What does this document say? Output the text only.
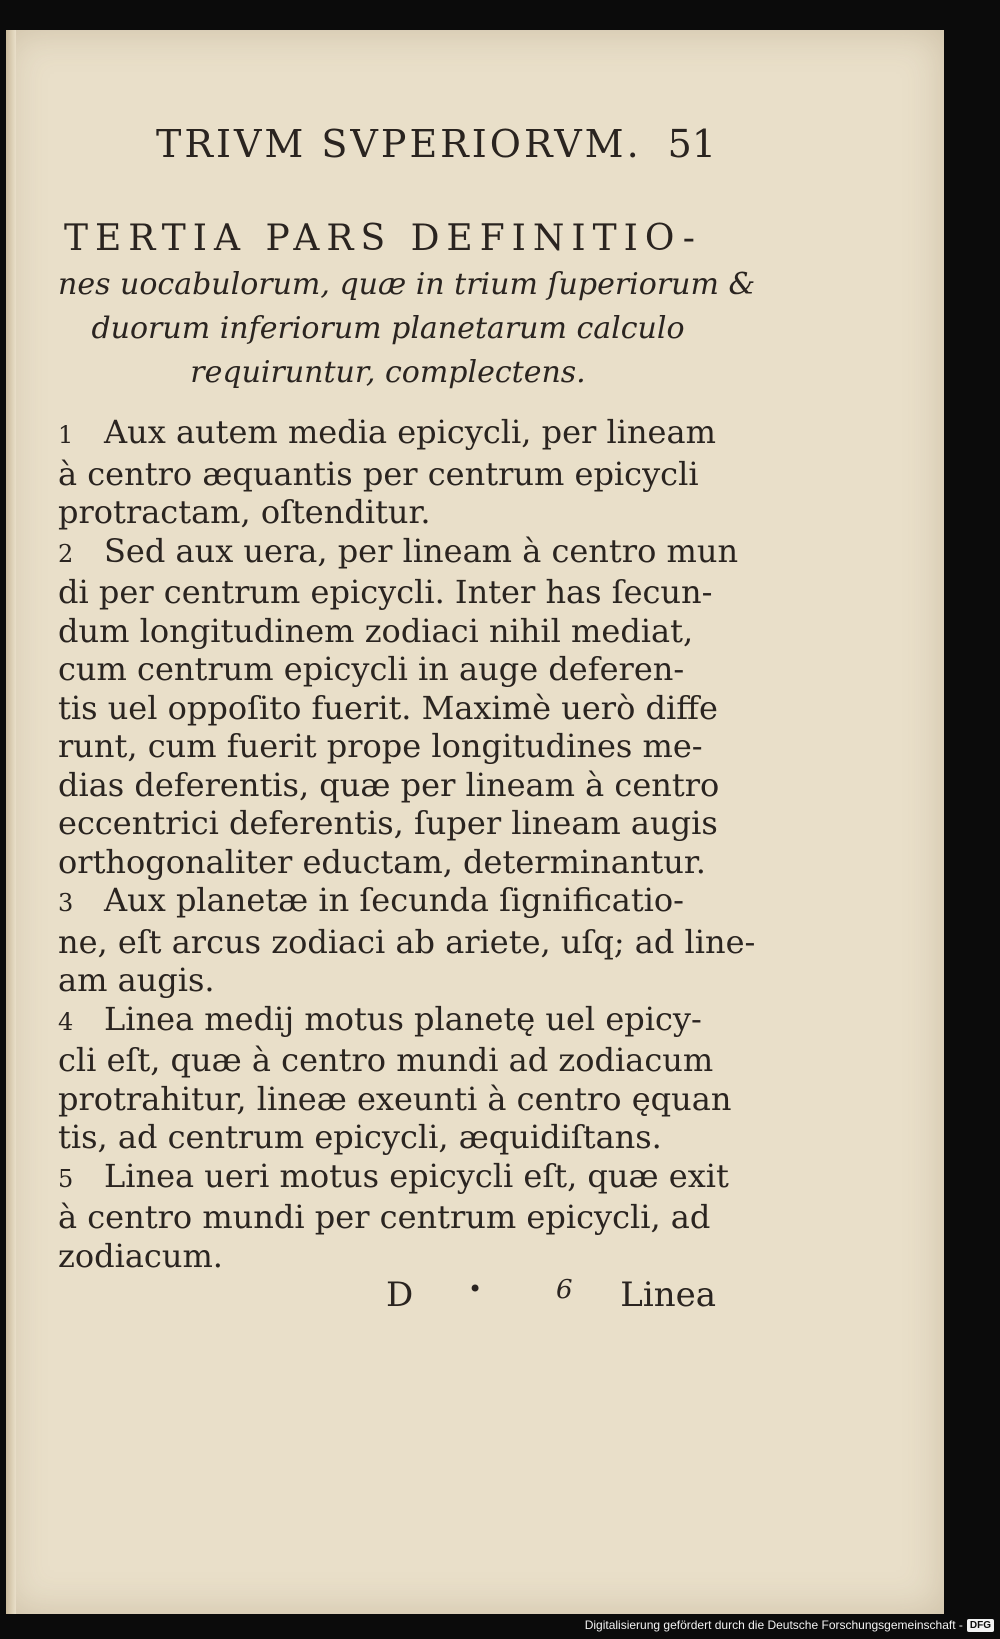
TRIVM SVPERIORVM. 51
TERTIA PARS DEFINITIO-
nes uocabulorum, quæ in trium ſuperiorum &
duorum inferiorum planetarum calculo
requiruntur, complectens.
1 Aux autem media epicycli, per lineam
à centro æquantis per centrum epicycli
protractam, oſtenditur.
2 Sed aux uera, per lineam à centro mun
di per centrum epicycli. Inter has ſecun-
dum longitudinem zodiaci nihil mediat,
cum centrum epicycli in auge deferen-
tis uel oppoſito fuerit. Maximè uerò diffe
runt, cum fuerit prope longitudines me-
dias deferentis, quæ per lineam à centro
eccentrici deferentis, ſuper lineam augis
orthogonaliter eductam, determinantur.
3 Aux planetæ in ſecunda ſignificatio-
ne, eſt arcus zodiaci ab ariete, uſq; ad line-
am augis.
4 Linea medij motus planetę uel epicy-
cli eſt, quæ à centro mundi ad zodiacum
protrahitur, lineæ exeunti à centro ęquan
tis, ad centrum epicycli, æquidiſtans.
5 Linea ueri motus epicycli eſt, quæ exit
à centro mundi per centrum epicycli, ad
zodiacum.
D •	6 Linea
Digitalisierung gefördert durch die Deutsche Forschungsgemeinschaft - DFG
